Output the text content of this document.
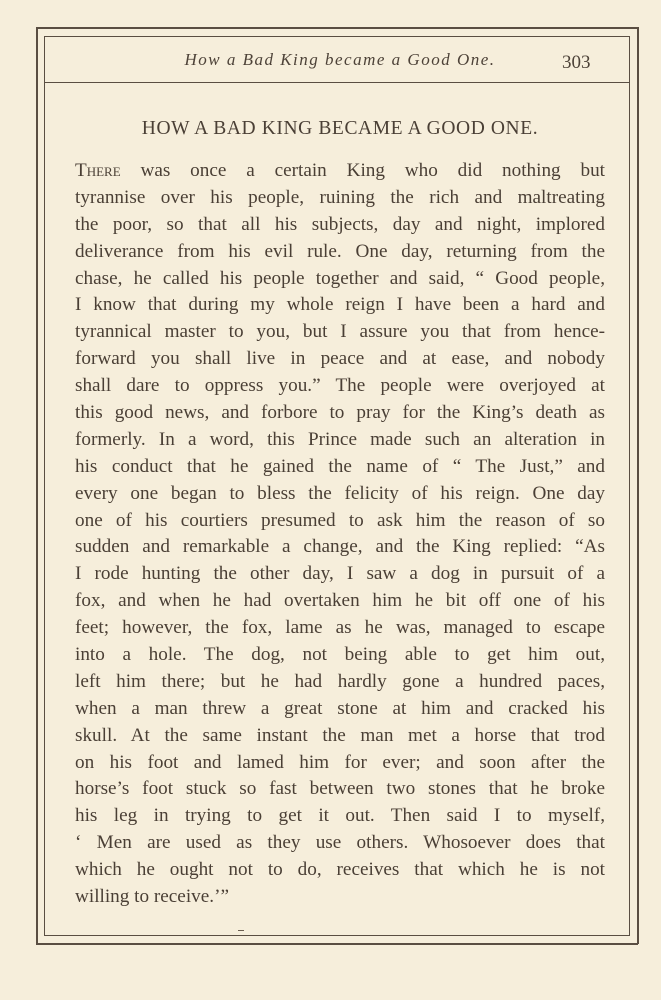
How a Bad King became a Good One.	303
HOW A BAD KING BECAME A GOOD ONE.
There was once a certain King who did nothing but
tyrannise over his people, ruining the rich and maltreating
the poor, so that all his subjects, day and night, implored
deliverance from his evil rule. One day, returning from the
chase, he called his people together and said, “ Good people,
I know that during my whole reign I have been a hard and
tyrannical master to you, but I assure you that from hence-
forward you shall live in peace and at ease, and nobody
shall dare to oppress you.” The people were overjoyed at
this good news, and forbore to pray for the King’s death as
formerly. In a word, this Prince made such an alteration in
his conduct that he gained the name of “ The Just,” and
every one began to bless the felicity of his reign. One day
one of his courtiers presumed to ask him the reason of so
sudden and remarkable a change, and the King replied: “As
I rode hunting the other day, I saw a dog in pursuit of a
fox, and when he had overtaken him he bit off one of his
feet; however, the fox, lame as he was, managed to escape
into a hole. The dog, not being able to get him out,
left him there; but he had hardly gone a hundred paces,
when a man threw a great stone at him and cracked his
skull. At the same instant the man met a horse that trod
on his foot and lamed him for ever; and soon after the
horse’s foot stuck so fast between two stones that he broke
his leg in trying to get it out. Then said I to myself,
‘ Men are used as they use others. Whosoever does that
which he ought not to do, receives that which he is not
willing to receive.’”
